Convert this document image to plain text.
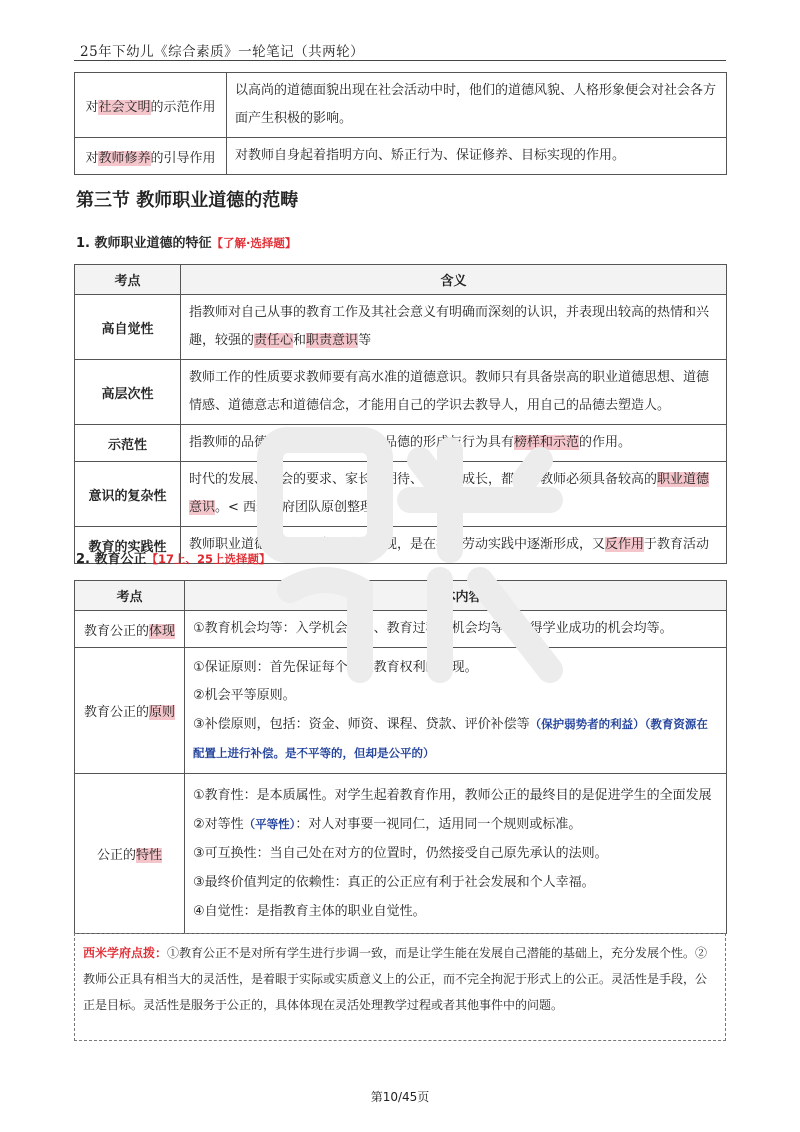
25年下幼儿《综合素质》一轮笔记（共两轮）
对社会文明的示范作用	以高尚的道德面貌出现在社会活动中时，他们的道德风貌、人格形象便会对社会各方面产生积极的影响。
对教师修养的引导作用	对教师自身起着指明方向、矫正行为、保证修养、目标实现的作用。
第三节 教师职业道德的范畴
1. 教师职业道德的特征【了解·选择题】
考点	含义
高自觉性	指教师对自己从事的教育工作及其社会意义有明确而深刻的认识，并表现出较高的热情和兴趣，较强的责任心和职责意识等
高层次性	教师工作的性质要求教师要有高水准的道德意识。教师只有具备崇高的职业道德思想、道德情感、道德意志和道德信念，才能用自己的学识去教导人，用自己的品德去塑造人。
示范性	指教师的品德和行为对学生的思想品德的形成与行为具有榜样和示范的作用。
意识的复杂性	时代的发展、社会的要求、家长的期待、学生的成长，都要求教师必须具备较高的职业道德意识。< 西米学府团队原创整理 >
教育的实践性	教师职业道德离不开教育活动的出现，是在教育劳动实践中逐渐形成，又反作用于教育活动
2. 教育公正【17上、25上选择题】
考点	具体内容
教育公正的体现	①教育机会均等：入学机会均等、教育过程中机会均等、取得学业成功的机会均等。
教育公正的原则	①保证原则：首先保证每个人受教育权利的实现。
②机会平等原则。
③补偿原则，包括：资金、师资、课程、贷款、评价补偿等（保护弱势者的利益）（教育资源在配置上进行补偿。是不平等的，但却是公平的）

公正的特性	①教育性：是本质属性。对学生起着教育作用，教师公正的最终目的是促进学生的全面发展
②对等性（平等性）：对人对事要一视同仁，适用同一个规则或标准。
③可互换性：当自己处在对方的位置时，仍然接受自己原先承认的法则。
③最终价值判定的依赖性：真正的公正应有利于社会发展和个人幸福。
④自觉性：是指教育主体的职业自觉性。
西米学府点拨：①教育公正不是对所有学生进行步调一致，而是让学生能在发展自己潜能的基础上，充分发展个性。②教师公正具有相当大的灵活性，是着眼于实际或实质意义上的公正，而不完全拘泥于形式上的公正。灵活性是手段，公正是目标。灵活性是服务于公正的，具体体现在灵活处理教学过程或者其他事件中的问题。
第10/45页
